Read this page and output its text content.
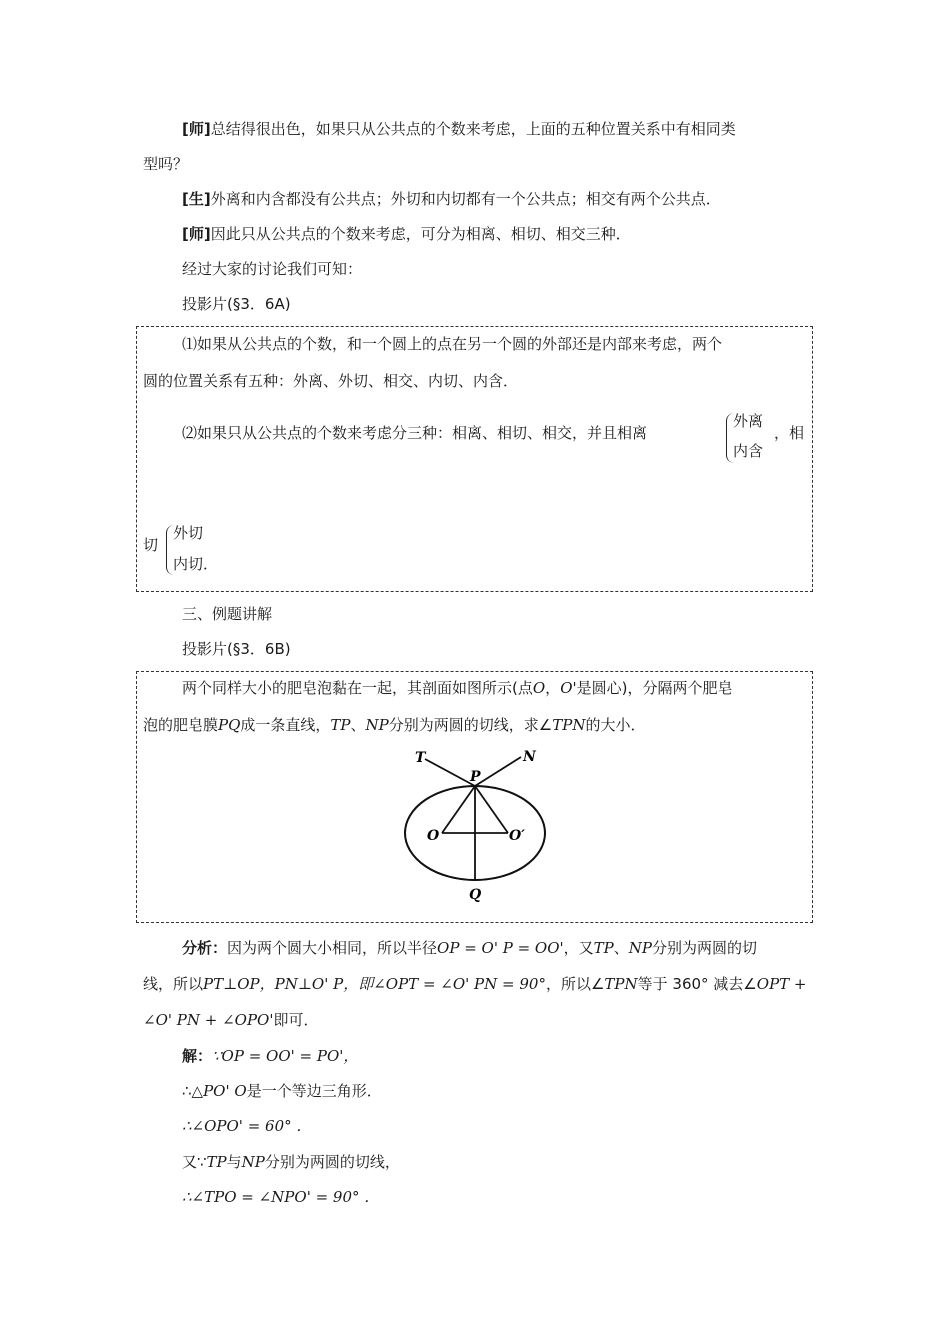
[师]总结得很出色，如果只从公共点的个数来考虑，上面的五种位置关系中有相同类
型吗？
[生]外离和内含都没有公共点；外切和内切都有一个公共点；相交有两个公共点．
[师]因此只从公共点的个数来考虑，可分为相离、相切、相交三种．
经过大家的讨论我们可知：
投影片(§3．6A)
⑴如果从公共点的个数，和一个圆上的点在另一个圆的外部还是内部来考虑，两个
圆的位置关系有五种：外离、外切、相交、内切、内含．
⑵如果只从公共点的个数来考虑分三种：相离、相切、相交，并且相离
外离
内含
，相
切
外切
内切．
三、例题讲解
投影片(§3．6B)
两个同样大小的肥皂泡黏在一起，其剖面如图所示(点O，O'是圆心)，分隔两个肥皂
泡的肥皂膜PQ成一条直线，TP、NP分别为两圆的切线，求∠TPN的大小．
T	N
P
O	O′
Q
分析：因为两个圆大小相同，所以半径OP = O' P = OO'，又TP、NP分别为两圆的切
线，所以PT⊥OP，PN⊥O' P，即∠OPT = ∠O' PN = 90°，所以∠TPN等于 360° 减去∠OPT +
∠O' PN + ∠OPO'即可．
解：∵OP = OO' = PO'，
∴△PO' O是一个等边三角形．
∴∠OPO' = 60° ．
又∵TP与NP分别为两圆的切线，
∴∠TPO = ∠NPO' = 90° ．
